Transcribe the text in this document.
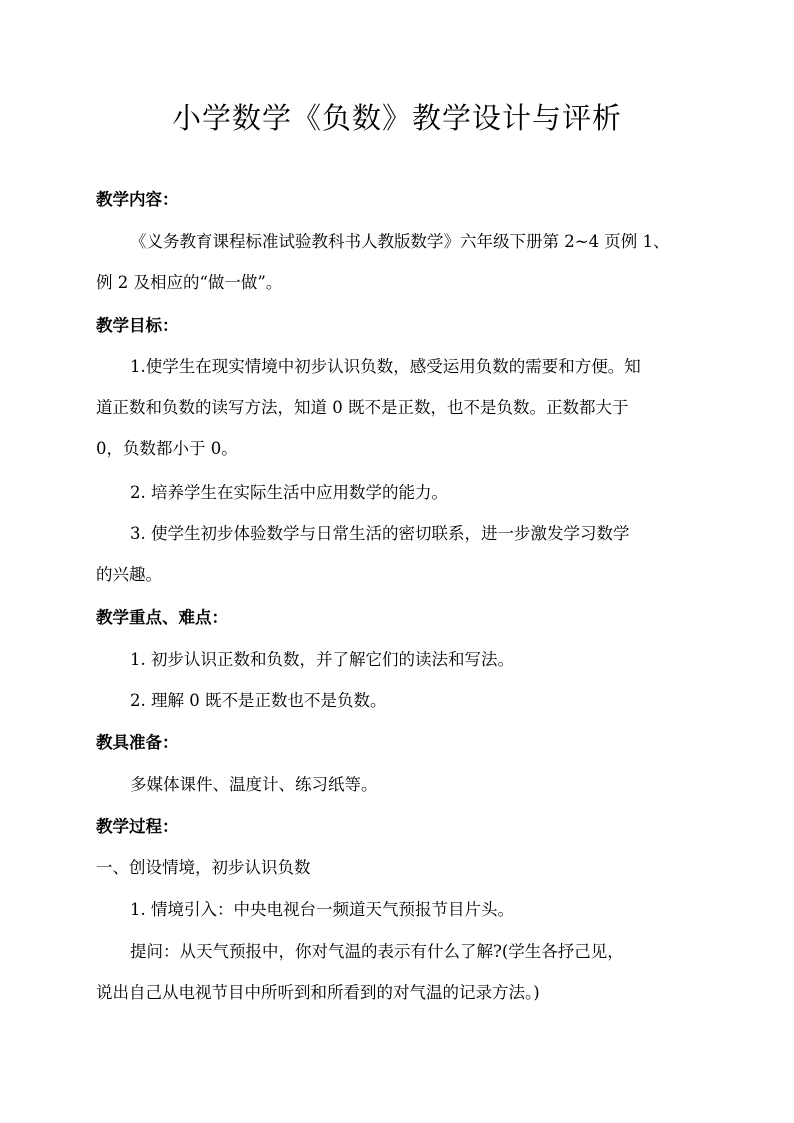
小学数学《负数》教学设计与评析
教学内容：
《义务教育课程标准试验教科书人教版数学》六年级下册第 2~4 页例 1、
例 2 及相应的“做一做”。
教学目标：
1.使学生在现实情境中初步认识负数，感受运用负数的需要和方便。知
道正数和负数的读写方法，知道 0 既不是正数，也不是负数。正数都大于
0，负数都小于 0。
2. 培养学生在实际生活中应用数学的能力。
3. 使学生初步体验数学与日常生活的密切联系，进一步激发学习数学
的兴趣。
教学重点、难点：
1. 初步认识正数和负数，并了解它们的读法和写法。
2. 理解 0 既不是正数也不是负数。
教具准备：
多媒体课件、温度计、练习纸等。
教学过程：
一、创设情境，初步认识负数
1. 情境引入：中央电视台一频道天气预报节目片头。
提问：从天气预报中，你对气温的表示有什么了解?(学生各抒己见，
说出自己从电视节目中所听到和所看到的对气温的记录方法。)
